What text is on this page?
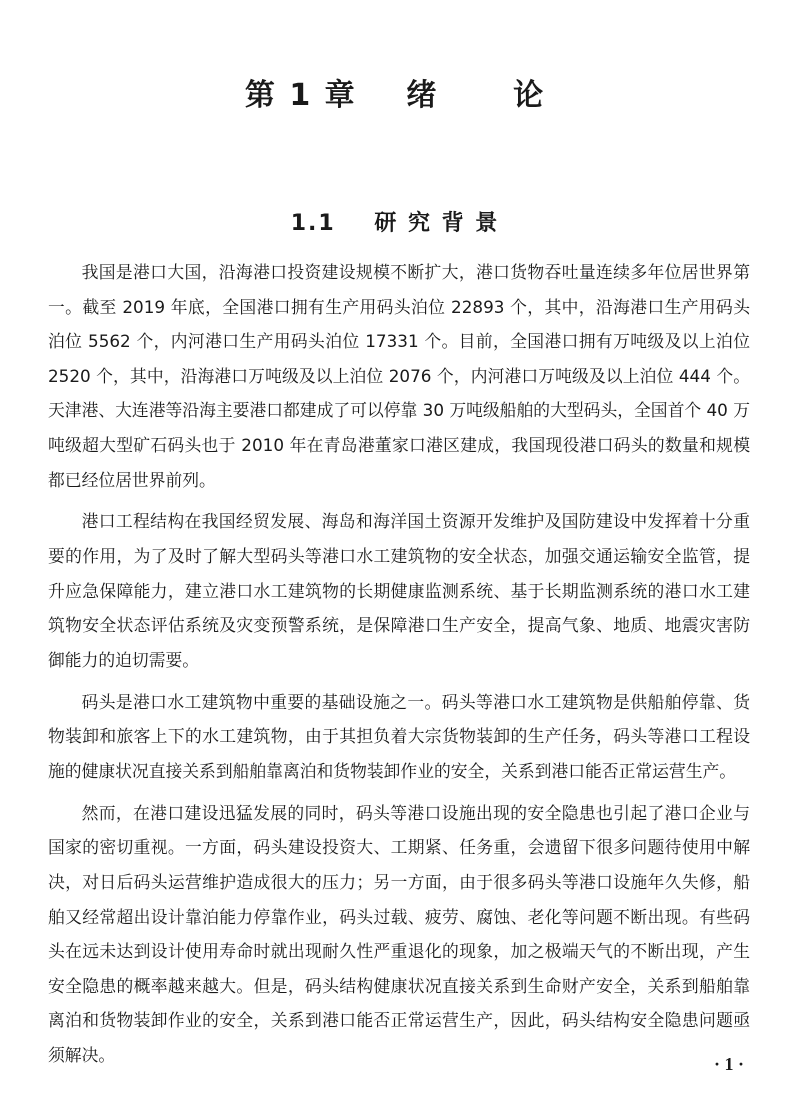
第 1 章    绪      论
1.1    研 究 背 景

我国是港口大国，沿海港口投资建设规模不断扩大，港口货物吞吐量连续多年位居世界第一。截至 2019 年底，全国港口拥有生产用码头泊位 22893 个，其中，沿海港口生产用码头泊位 5562 个，内河港口生产用码头泊位 17331 个。目前，全国港口拥有万吨级及以上泊位 2520 个，其中，沿海港口万吨级及以上泊位 2076 个，内河港口万吨级及以上泊位 444 个。天津港、大连港等沿海主要港口都建成了可以停靠 30 万吨级船舶的大型码头，全国首个 40 万吨级超大型矿石码头也于 2010 年在青岛港董家口港区建成，我国现役港口码头的数量和规模都已经位居世界前列。

港口工程结构在我国经贸发展、海岛和海洋国土资源开发维护及国防建设中发挥着十分重要的作用，为了及时了解大型码头等港口水工建筑物的安全状态，加强交通运输安全监管，提升应急保障能力，建立港口水工建筑物的长期健康监测系统、基于长期监测系统的港口水工建筑物安全状态评估系统及灾变预警系统，是保障港口生产安全，提高气象、地质、地震灾害防御能力的迫切需要。

码头是港口水工建筑物中重要的基础设施之一。码头等港口水工建筑物是供船舶停靠、货物装卸和旅客上下的水工建筑物，由于其担负着大宗货物装卸的生产任务，码头等港口工程设施的健康状况直接关系到船舶靠离泊和货物装卸作业的安全，关系到港口能否正常运营生产。

然而，在港口建设迅猛发展的同时，码头等港口设施出现的安全隐患也引起了港口企业与国家的密切重视。一方面，码头建设投资大、工期紧、任务重，会遗留下很多问题待使用中解决，对日后码头运营维护造成很大的压力；另一方面，由于很多码头等港口设施年久失修，船舶又经常超出设计靠泊能力停靠作业，码头过载、疲劳、腐蚀、老化等问题不断出现。有些码头在远未达到设计使用寿命时就出现耐久性严重退化的现象，加之极端天气的不断出现，产生安全隐患的概率越来越大。但是，码头结构健康状况直接关系到生命财产安全，关系到船舶靠离泊和货物装卸作业的安全，关系到港口能否正常运营生产，因此，码头结构安全隐患问题亟须解决。	· 1 ·
